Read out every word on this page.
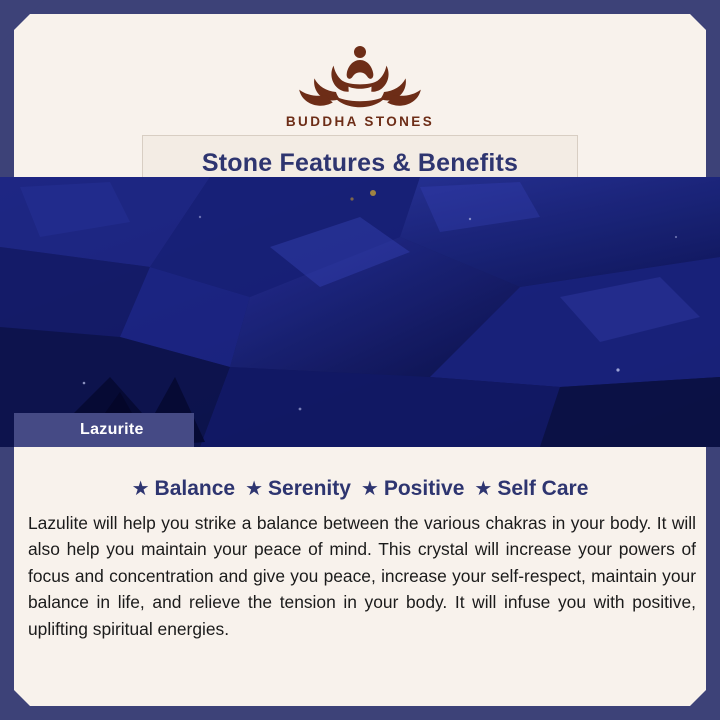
BUDDHA STONES
Stone Features & Benefits
Lazurite
★ Balance ★ Serenity ★ Positive ★ Self Care

Lazulite will help you strike a balance between the various chakras in your body. It will also help you maintain your peace of mind. This crystal will increase your powers of focus and concentration and give you peace, increase your self-respect, maintain your balance in life, and relieve the tension in your body. It will infuse you with positive, uplifting spiritual energies.
